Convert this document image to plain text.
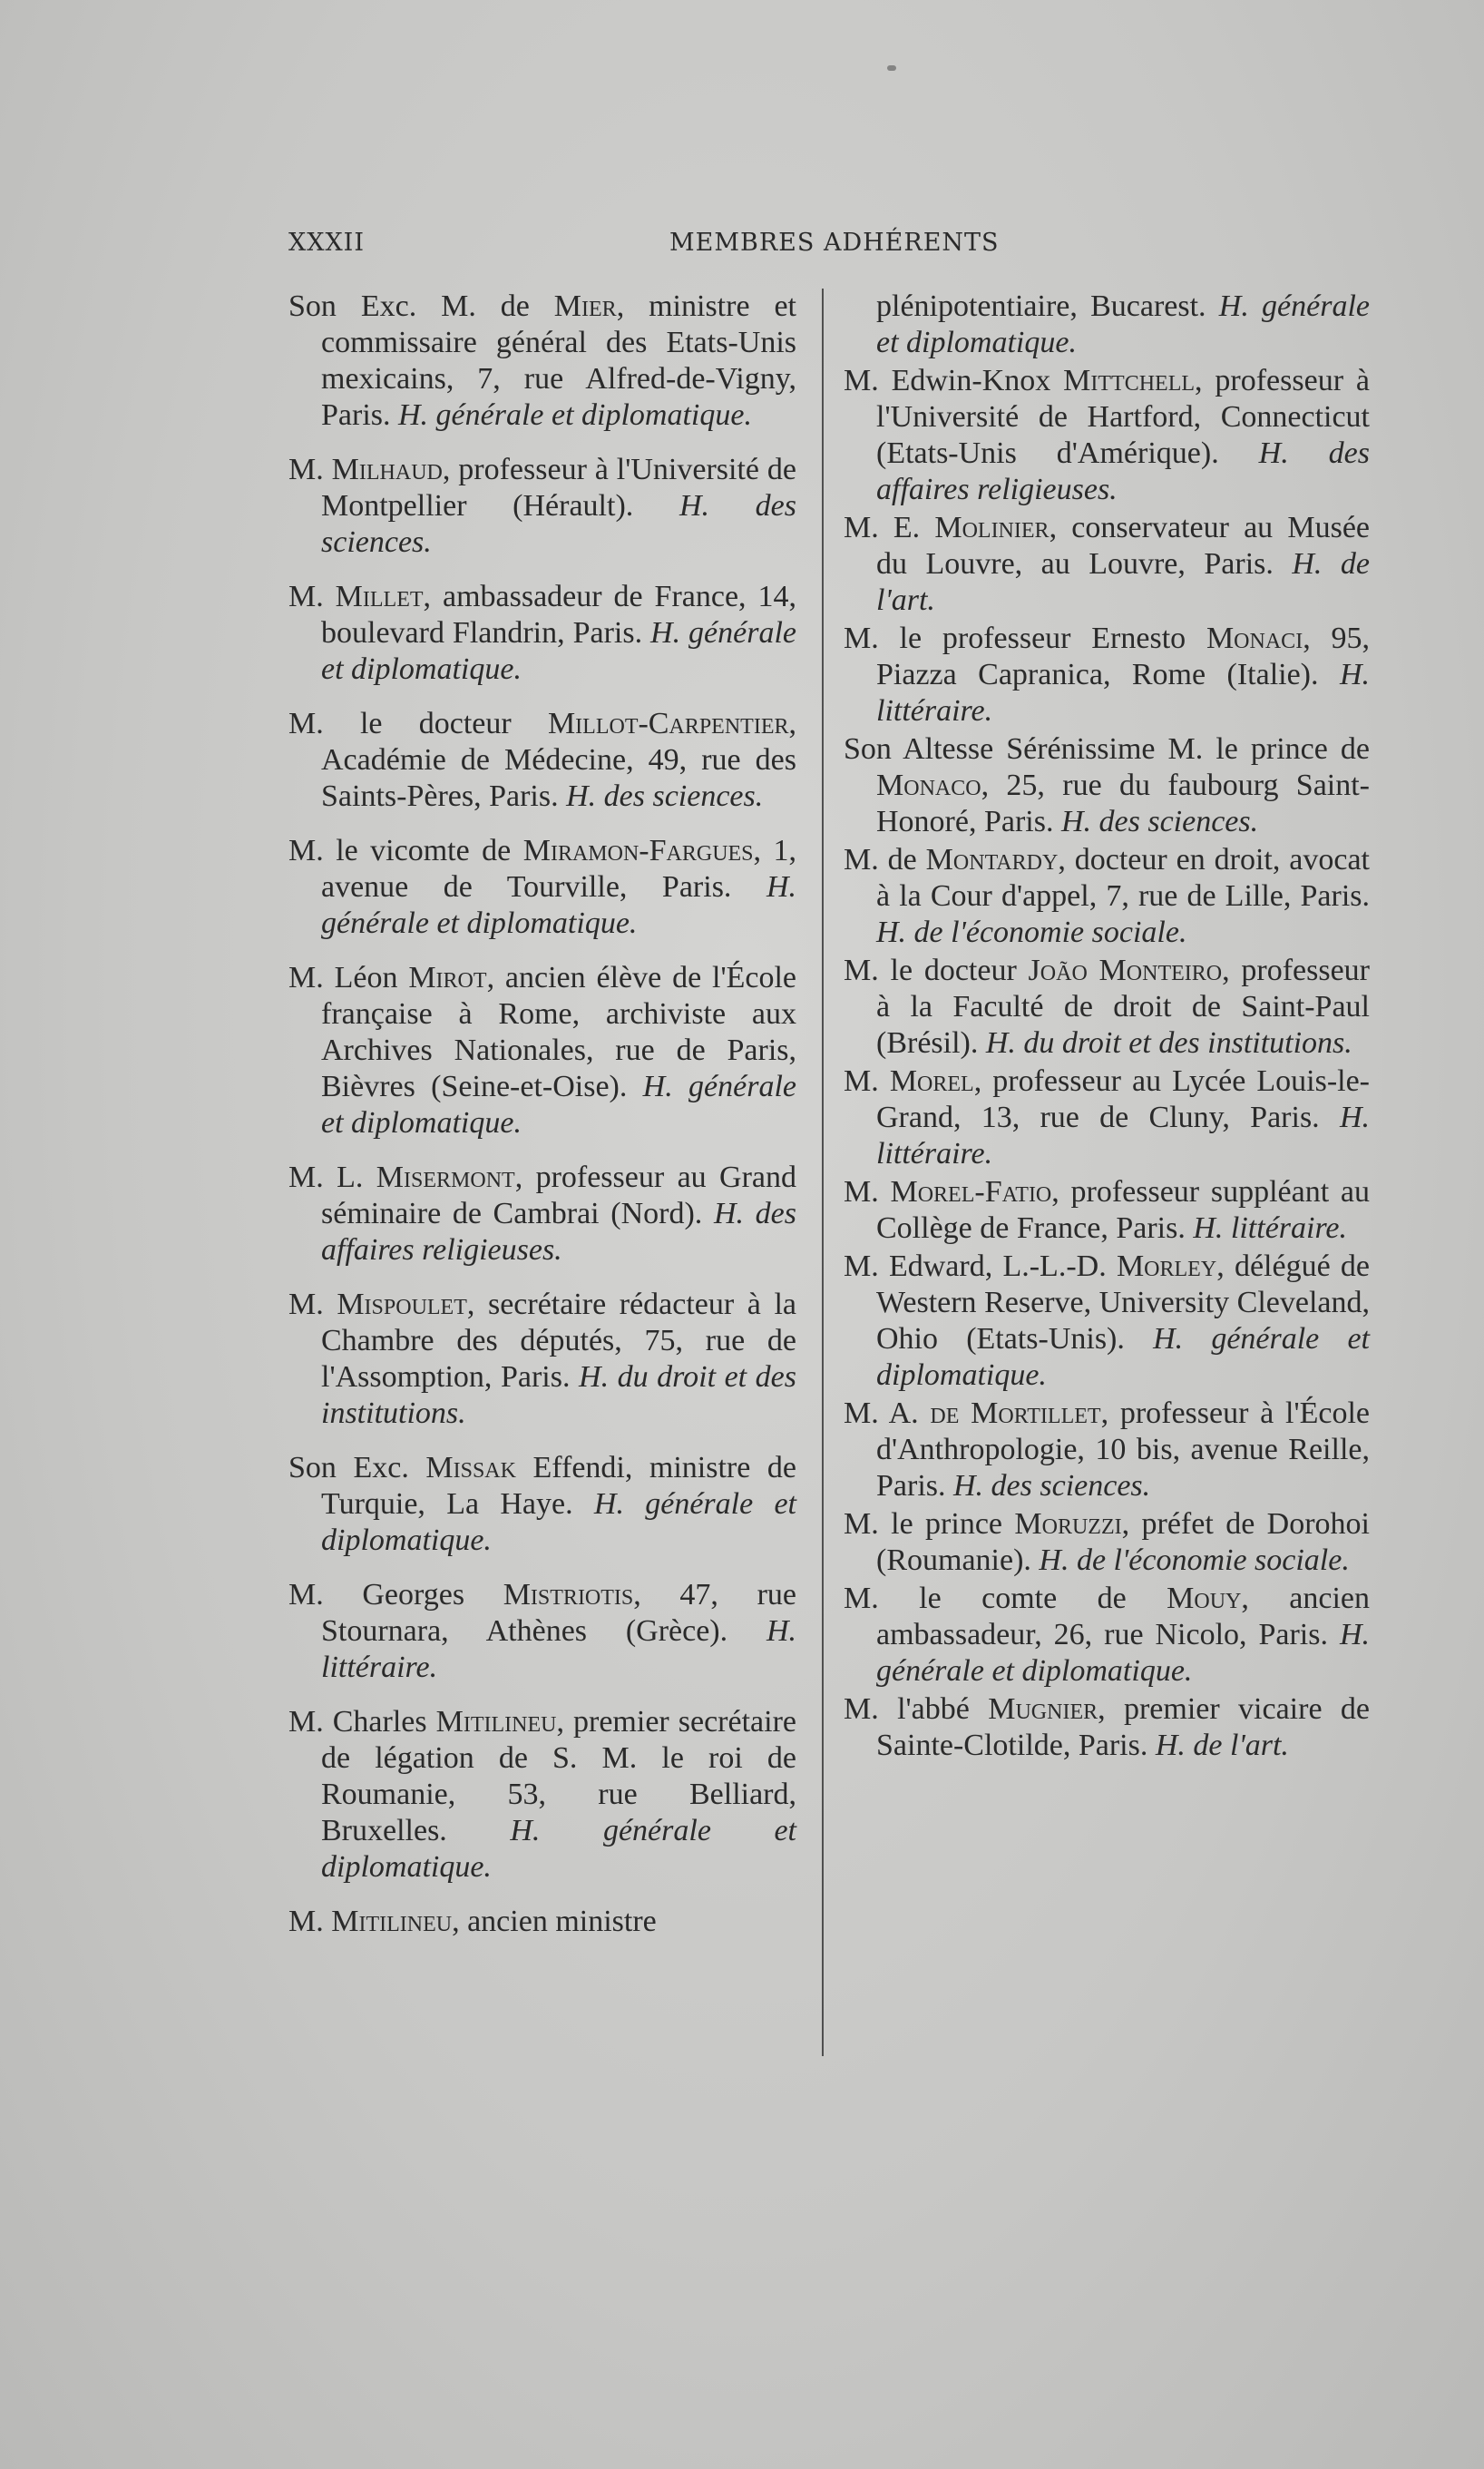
XXXII	MEMBRES ADHÉRENTS

Son Exc. M. de Mier, ministre et commissaire général des Etats-Unis mexicains, 7, rue Alfred-de-Vigny, Paris. H. générale et diplomatique.

M. Milhaud, professeur à l'Université de Montpellier (Hérault). H. des sciences.

M. Millet, ambassadeur de France, 14, boulevard Flandrin, Paris. H. générale et diplomatique.

M. le docteur Millot-Carpentier, Académie de Médecine, 49, rue des Saints-Pères, Paris. H. des sciences.

M. le vicomte de Miramon-Fargues, 1, avenue de Tourville, Paris. H. générale et diplomatique.

M. Léon Mirot, ancien élève de l'École française à Rome, archiviste aux Archives Nationales, rue de Paris, Bièvres (Seine-et-Oise). H. générale et diplomatique.

M. L. Misermont, professeur au Grand séminaire de Cambrai (Nord). H. des affaires religieuses.

M. Mispoulet, secrétaire rédacteur à la Chambre des députés, 75, rue de l'Assomption, Paris. H. du droit et des institutions.

Son Exc. Missak Effendi, ministre de Turquie, La Haye. H. générale et diplomatique.

M. Georges Mistriotis, 47, rue Stournara, Athènes (Grèce). H. littéraire.

M. Charles Mitilineu, premier secrétaire de légation de S. M. le roi de Roumanie, 53, rue Belliard, Bruxelles. H. générale et diplomatique.

M. Mitilineu, ancien ministre

plénipotentiaire, Bucarest. H. générale et diplomatique.

M. Edwin-Knox Mittchell, professeur à l'Université de Hartford, Connecticut (Etats-Unis d'Amérique). H. des affaires religieuses.

M. E. Molinier, conservateur au Musée du Louvre, au Louvre, Paris. H. de l'art.

M. le professeur Ernesto Monaci, 95, Piazza Capranica, Rome (Italie). H. littéraire.

Son Altesse Sérénissime M. le prince de Monaco, 25, rue du faubourg Saint-Honoré, Paris. H. des sciences.

M. de Montardy, docteur en droit, avocat à la Cour d'appel, 7, rue de Lille, Paris. H. de l'économie sociale.

M. le docteur João Monteiro, professeur à la Faculté de droit de Saint-Paul (Brésil). H. du droit et des institutions.

M. Morel, professeur au Lycée Louis-le-Grand, 13, rue de Cluny, Paris. H. littéraire.

M. Morel-Fatio, professeur suppléant au Collège de France, Paris. H. littéraire.

M. Edward, L.-L.-D. Morley, délégué de Western Reserve, University Cleveland, Ohio (Etats-Unis). H. générale et diplomatique.

M. A. de Mortillet, professeur à l'École d'Anthropologie, 10 bis, avenue Reille, Paris. H. des sciences.

M. le prince Moruzzi, préfet de Dorohoi (Roumanie). H. de l'économie sociale.

M. le comte de Mouy, ancien ambassadeur, 26, rue Nicolo, Paris. H. générale et diplomatique.

M. l'abbé Mugnier, premier vicaire de Sainte-Clotilde, Paris. H. de l'art.
